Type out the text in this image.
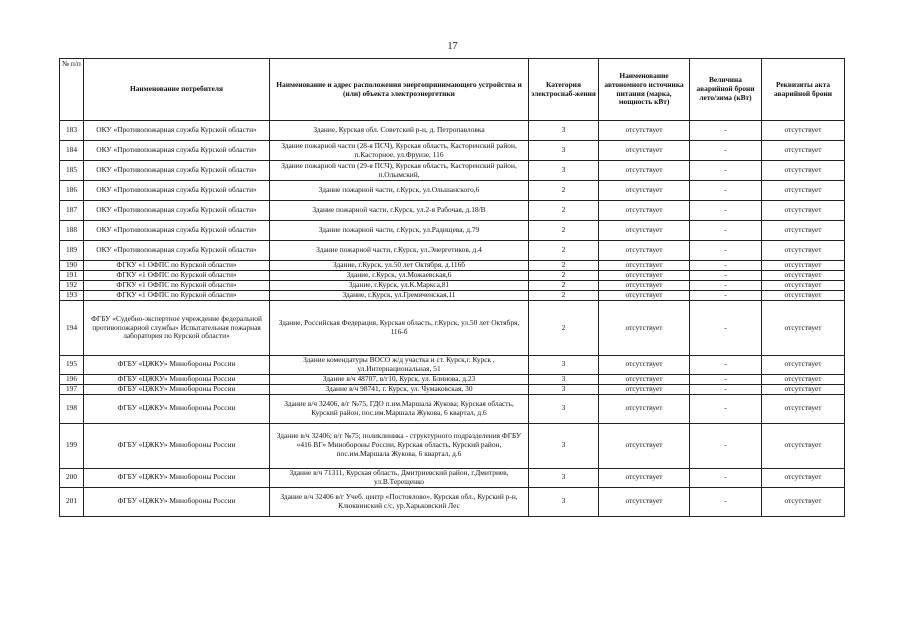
17
№ п/п	Наименование потребителя	Наименование и адрес расположения энергопринимающего устройства и (или) объекта электроэнергетики	Категория электроснаб-жения	Наименование автономного источника питания (марка, мощность кВт)	Величина аварийной брони лето/зима (кВт)	Реквизиты акта аварийной брони
183	ОКУ «Противопожарная служба Курской области»	Здание, Курская обл. Советский р-н, д. Петропавловка	3	отсутствует	-	отсутствует
184	ОКУ «Противопожарная служба Курской области»	Здание пожарной части (28-я ПСЧ), Курская область, Касторенский район, п.Касторное, ул.Фрунзе, 116	3	отсутствует	-	отсутствует
185	ОКУ «Противопожарная служба Курской области»	Здание пожарной части (29-я ПСЧ), Курская область, Касторенский район, п.Олымский,	3	отсутствует	-	отсутствует
186	ОКУ «Противопожарная служба Курской области»	Здание пожарной части, г.Курск, ул.Ольшанского,6	2	отсутствует	-	отсутствует
187	ОКУ «Противопожарная служба Курской области»	Здание пожарной части, г.Курск, ул.2-я Рабочая, д.18/В	2	отсутствует	-	отсутствует
188	ОКУ «Противопожарная служба Курской области»	Здание пожарной части, г.Курск, ул.Радищева, д.79	2	отсутствует	-	отсутствует
189	ОКУ «Противопожарная служба Курской области»	Здание пожарной части, г.Курск, ул.Энергетиков, д.4	2	отсутствует	-	отсутствует
190	ФГКУ «1 ОФПС по Курской области»	Здание, г.Курск, ул.50 лет Октября, д.116б	2	отсутствует	-	отсутствует
191	ФГКУ «1 ОФПС по Курской области»	Здание, г.Курск, ул.Можаевская,6	2	отсутствует	-	отсутствует
192	ФГКУ «1 ОФПС по Курской области»	Здание, г.Курск, ул.К.Маркса,81	2	отсутствует	-	отсутствует
193	ФГКУ «1 ОФПС по Курской области»	Здание, г.Курск, ул.Гремяченская,11	2	отсутствует	-	отсутствует
194	ФГБУ «Судебно-экспертное учреждение федеральной противопожарной службы» Испытательная пожарная лаборатория по Курской области»	Здание, Российская Федерация, Курская область, г.Курск, ул.50 лет Октября, 116-б	2	отсутствует	-	отсутствует
195	ФГБУ «ЦЖКУ» Минобороны России	Здание комендатуры ВОСО ж/д участка и ст. Курск,г. Курск , ул.Интернациональная, 51	3	отсутствует	-	отсутствует
196	ФГБУ «ЦЖКУ» Минобороны России	Здание в/ч 48707, в/г10, Курск, ул. Блинова, д.23	3	отсутствует	-	отсутствует
197	ФГБУ «ЦЖКУ» Минобороны России	Здание в/ч 98741, г. Курск, ул. Чумаковская, 30	3	отсутствует	-	отсутствует
198	ФГБУ «ЦЖКУ» Минобороны России	Здание в/ч 32406, в/г №75, ГДО п.им.Маршала Жукова; Курская область, Курский район, пос.им.Маршала Жукова, 6 квартал, д.6	3	отсутствует	-	отсутствует
199	ФГБУ «ЦЖКУ» Минобороны России	Здание в/ч 32406; в/г №75; поликлиника - структурного подразделения ФГБУ «416 ВГ» Минобороны России, Курская область, Курский район, пос.им.Маршала Жукова, 6 квартал, д.6	3	отсутствует	-	отсутствует
200	ФГБУ «ЦЖКУ» Минобороны России	Здание в/ч 71311, Курская область, Дмитриевский район, г.Дмитриев, ул.В.Терещенко	3	отсутствует	-	отсутствует
201	ФГБУ «ЦЖКУ» Минобороны России	Здание в/ч 32406 в/г Учеб. центр «Постоялово», Курская обл., Курский р-н, Клюквинский с/с, ур.Харьковский Лес	3	отсутствует	-	отсутствует
